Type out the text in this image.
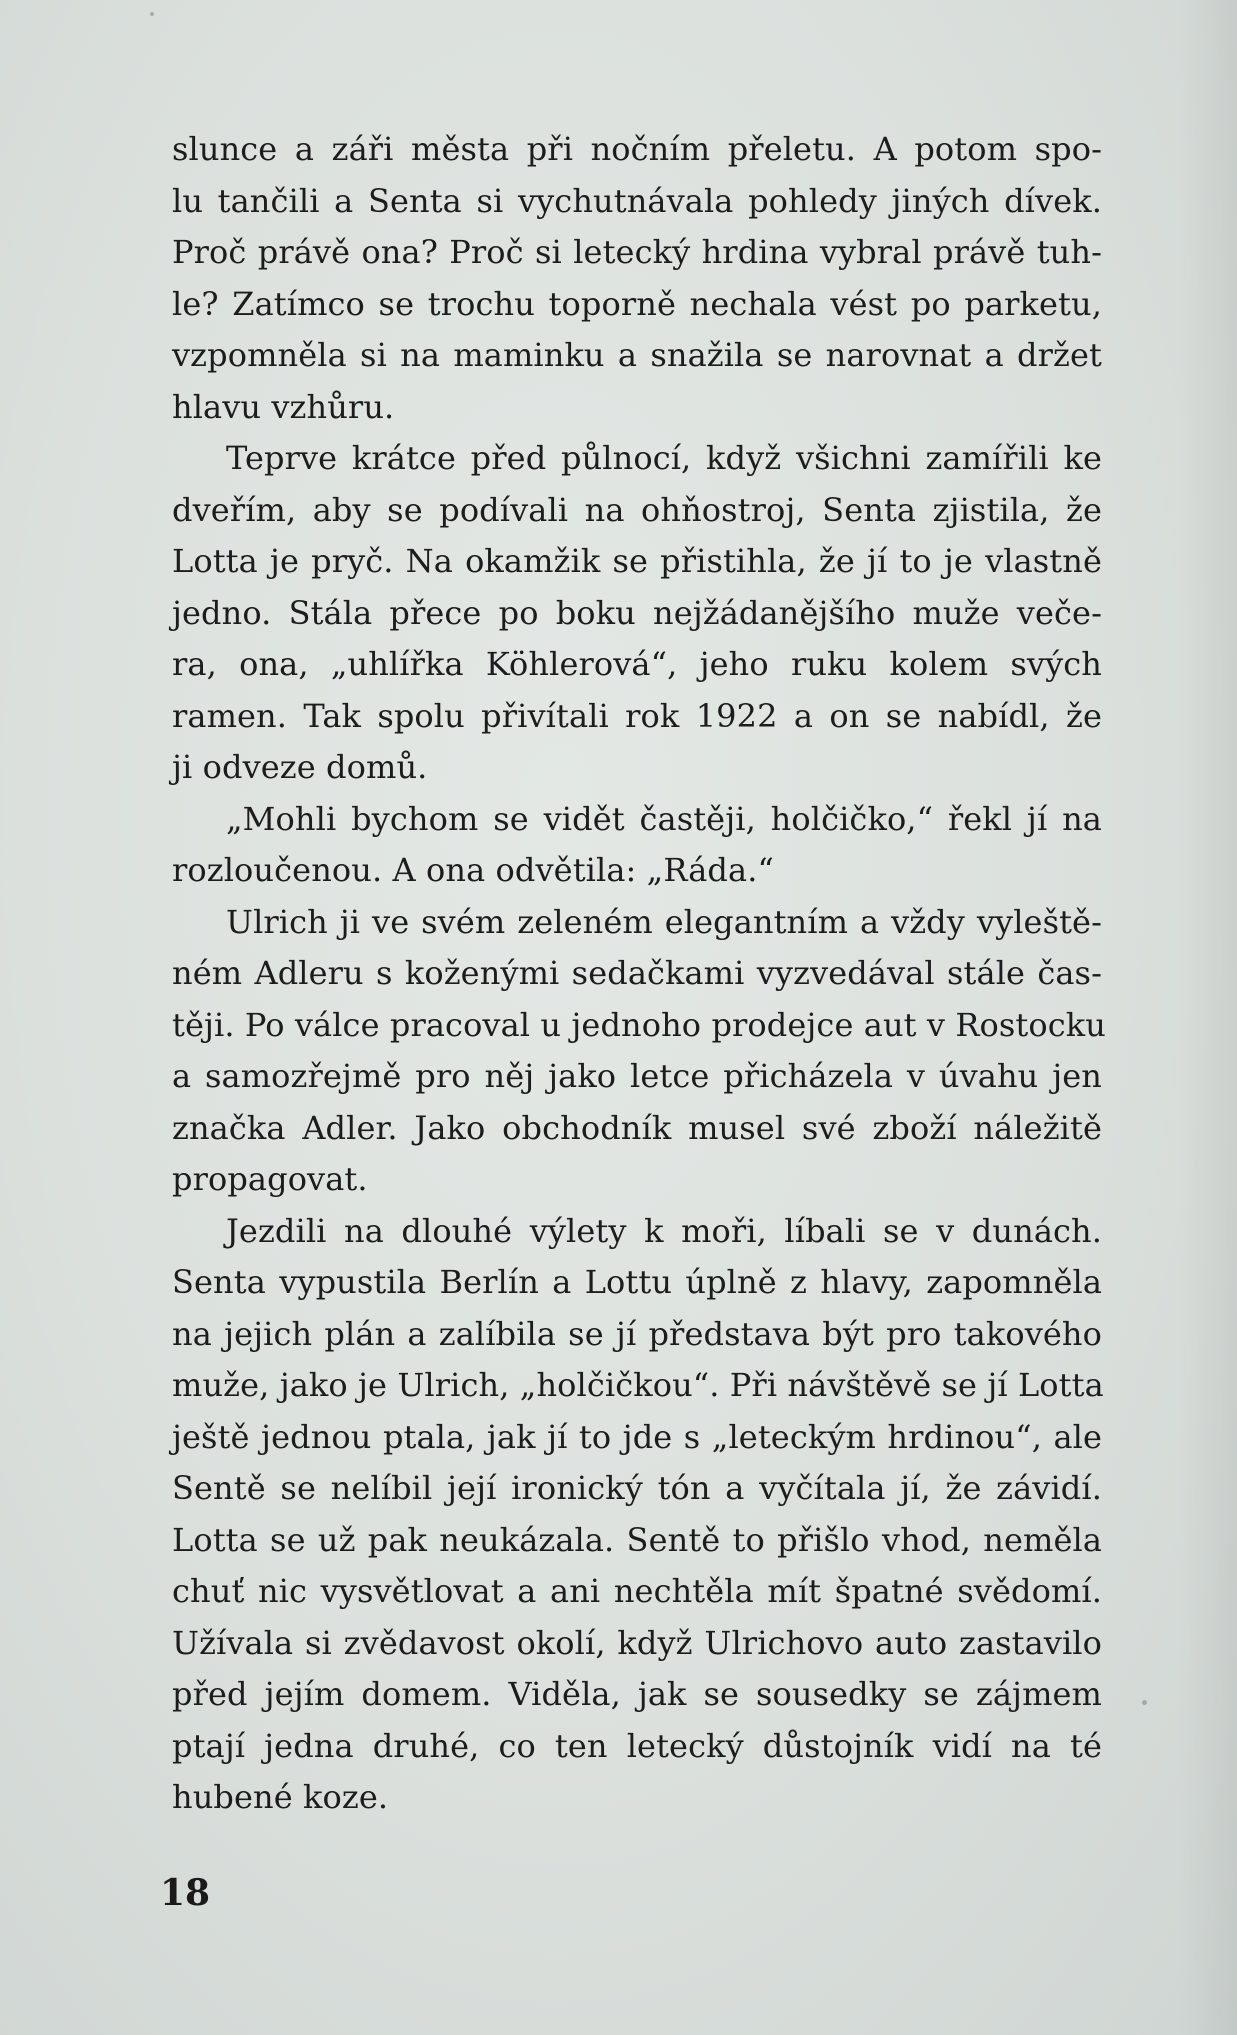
slunce a záři města při nočním přeletu. A potom spo-
lu tančili a Senta si vychutnávala pohledy jiných dívek.
Proč právě ona? Proč si letecký hrdina vybral právě tuh-
le? Zatímco se trochu toporně nechala vést po parketu,
vzpomněla si na maminku a snažila se narovnat a držet
hlavu vzhůru.
Teprve krátce před půlnocí, když všichni zamířili ke
dveřím, aby se podívali na ohňostroj, Senta zjistila, že
Lotta je pryč. Na okamžik se přistihla, že jí to je vlastně
jedno. Stála přece po boku nejžádanějšího muže veče-
ra, ona, „uhlířka Köhlerová“, jeho ruku kolem svých
ramen. Tak spolu přivítali rok 1922 a on se nabídl, že
ji odveze domů.
„Mohli bychom se vidět častěji, holčičko,“ řekl jí na
rozloučenou. A ona odvětila: „Ráda.“
Ulrich ji ve svém zeleném elegantním a vždy vyleště-
ném Adleru s koženými sedačkami vyzvedával stále čas-
těji. Po válce pracoval u jednoho prodejce aut v Rostocku
a samozřejmě pro něj jako letce přicházela v úvahu jen
značka Adler. Jako obchodník musel své zboží náležitě
propagovat.
Jezdili na dlouhé výlety k moři, líbali se v dunách.
Senta vypustila Berlín a Lottu úplně z hlavy, zapomněla
na jejich plán a zalíbila se jí představa být pro takového
muže, jako je Ulrich, „holčičkou“. Při návštěvě se jí Lotta
ještě jednou ptala, jak jí to jde s „leteckým hrdinou“, ale
Sentě se nelíbil její ironický tón a vyčítala jí, že závidí.
Lotta se už pak neukázala. Sentě to přišlo vhod, neměla
chuť nic vysvětlovat a ani nechtěla mít špatné svědomí.
Užívala si zvědavost okolí, když Ulrichovo auto zastavilo
před jejím domem. Viděla, jak se sousedky se zájmem
ptají jedna druhé, co ten letecký důstojník vidí na té
hubené koze.
18
